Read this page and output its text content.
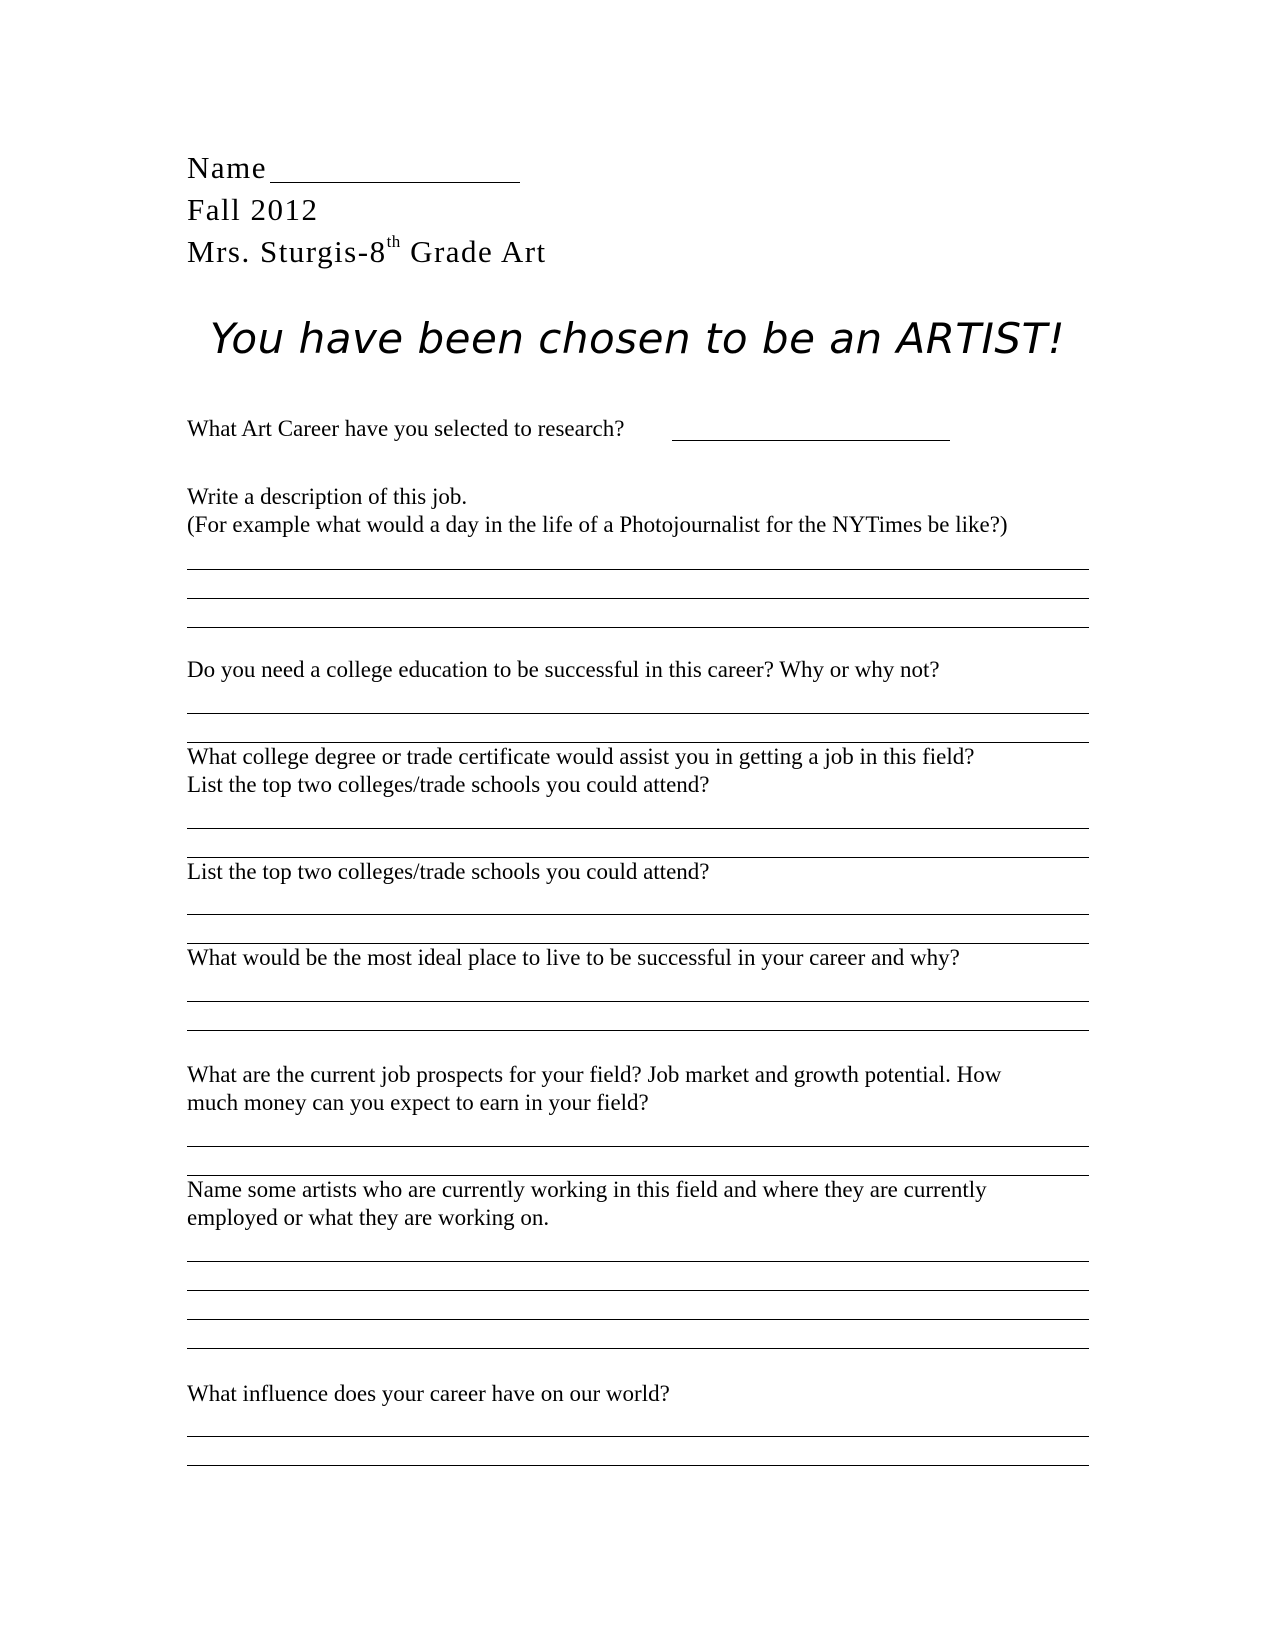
Name
Fall 2012
Mrs. Sturgis-8th Grade Art
You have been chosen to be an ARTIST!
What Art Career have you selected to research?
Write a description of this job.
(For example what would a day in the life of a Photojournalist for the NYTimes be like?)
Do you need a college education to be successful in this career? Why or why not?
What college degree or trade certificate would assist you in getting a job in this field?
List the top two colleges/trade schools you could attend?
List the top two colleges/trade schools you could attend?
What would be the most ideal place to live to be successful in your career and why?
What are the current job prospects for your field? Job market and growth potential. How
much money can you expect to earn in your field?
Name some artists who are currently working in this field and where they are currently
employed or what they are working on.
What influence does your career have on our world?
